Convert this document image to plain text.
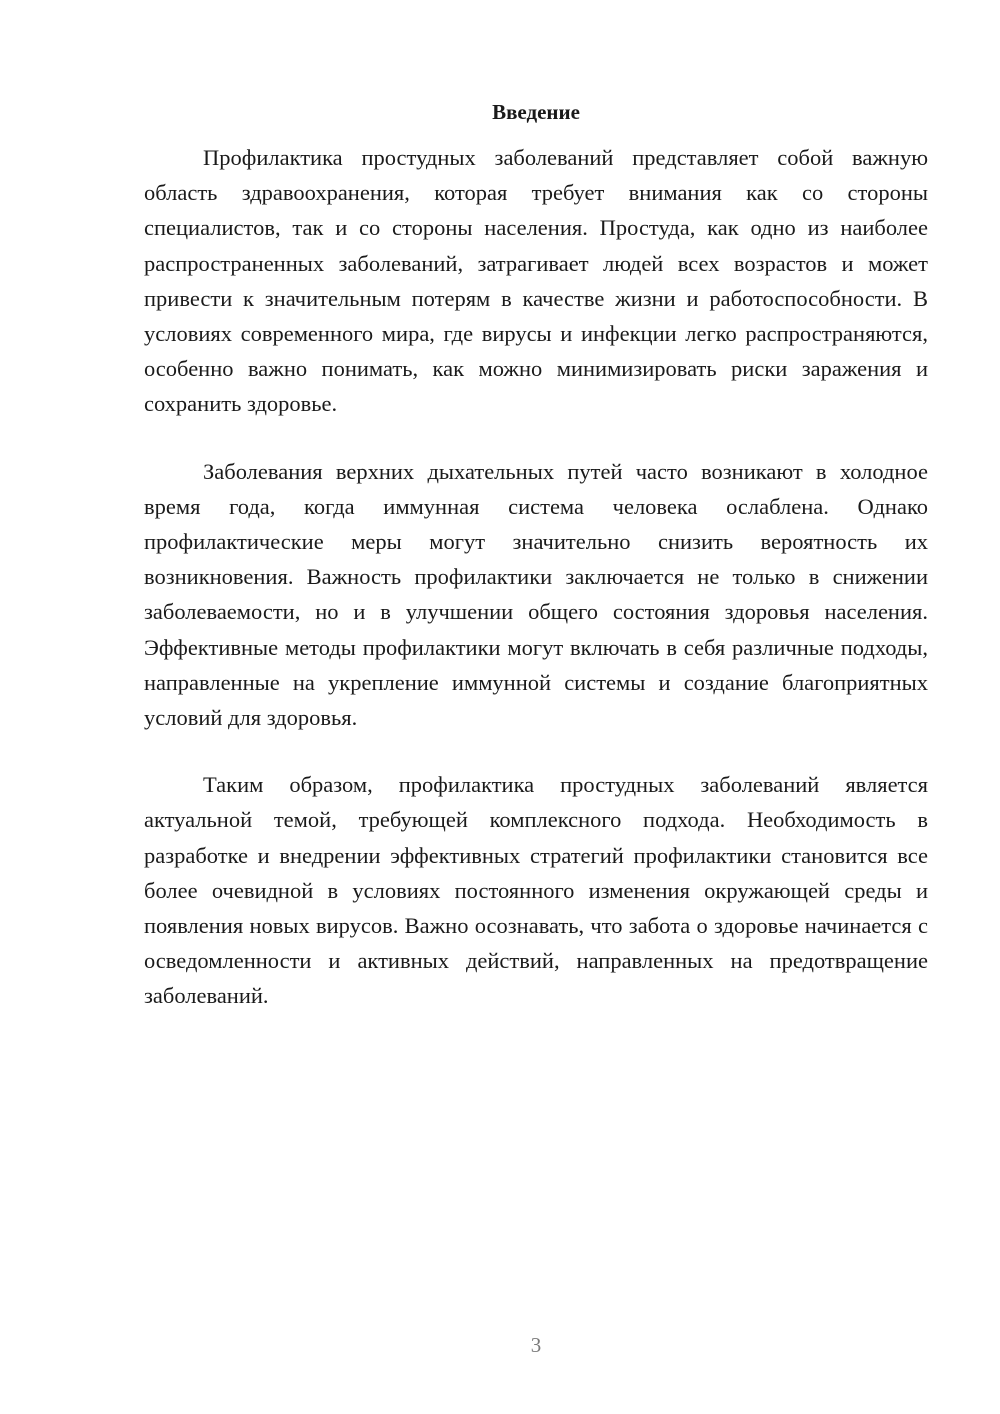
Введение

Профилактика простудных заболеваний представляет собой важную область здравоохранения, которая требует внимания как со стороны специалистов, так и со стороны населения. Простуда, как одно из наиболее распространенных заболеваний, затрагивает людей всех возрастов и может привести к значительным потерям в качестве жизни и работоспособности. В условиях современного мира, где вирусы и инфекции легко распространяются, особенно важно понимать, как можно минимизировать риски заражения и сохранить здоровье.

Заболевания верхних дыхательных путей часто возникают в холодное время года, когда иммунная система человека ослаблена. Однако профилактические меры могут значительно снизить вероятность их возникновения. Важность профилактики заключается не только в снижении заболеваемости, но и в улучшении общего состояния здоровья населения. Эффективные методы профилактики могут включать в себя различные подходы, направленные на укрепление иммунной системы и создание благоприятных условий для здоровья.

Таким образом, профилактика простудных заболеваний является актуальной темой, требующей комплексного подхода. Необходимость в разработке и внедрении эффективных стратегий профилактики становится все более очевидной в условиях постоянного изменения окружающей среды и появления новых вирусов. Важно осознавать, что забота о здоровье начинается с осведомленности и активных действий, направленных на предотвращение заболеваний.

3
